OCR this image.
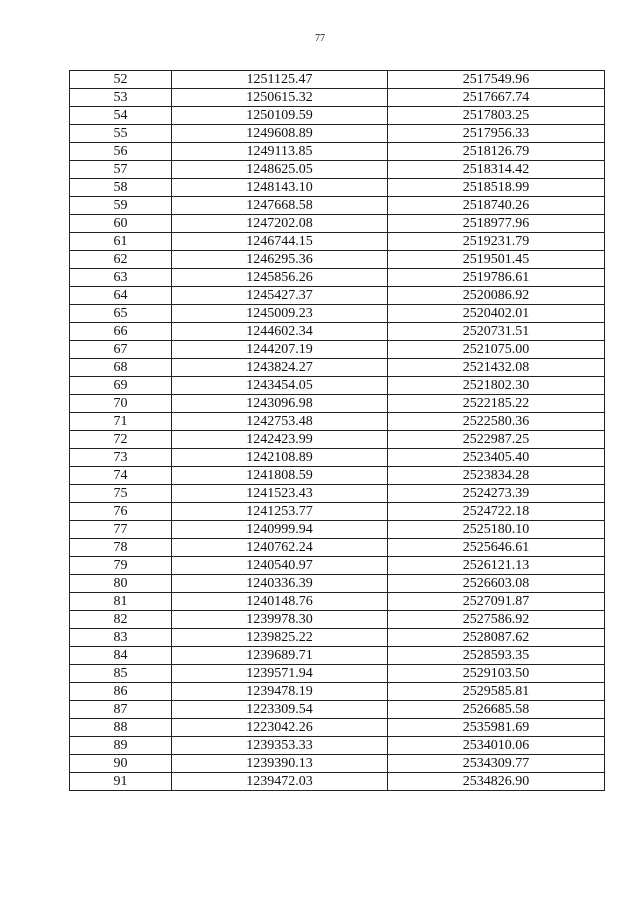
77
52	1251125.47	2517549.96
53	1250615.32	2517667.74
54	1250109.59	2517803.25
55	1249608.89	2517956.33
56	1249113.85	2518126.79
57	1248625.05	2518314.42
58	1248143.10	2518518.99
59	1247668.58	2518740.26
60	1247202.08	2518977.96
61	1246744.15	2519231.79
62	1246295.36	2519501.45
63	1245856.26	2519786.61
64	1245427.37	2520086.92
65	1245009.23	2520402.01
66	1244602.34	2520731.51
67	1244207.19	2521075.00
68	1243824.27	2521432.08
69	1243454.05	2521802.30
70	1243096.98	2522185.22
71	1242753.48	2522580.36
72	1242423.99	2522987.25
73	1242108.89	2523405.40
74	1241808.59	2523834.28
75	1241523.43	2524273.39
76	1241253.77	2524722.18
77	1240999.94	2525180.10
78	1240762.24	2525646.61
79	1240540.97	2526121.13
80	1240336.39	2526603.08
81	1240148.76	2527091.87
82	1239978.30	2527586.92
83	1239825.22	2528087.62
84	1239689.71	2528593.35
85	1239571.94	2529103.50
86	1239478.19	2529585.81
87	1223309.54	2526685.58
88	1223042.26	2535981.69
89	1239353.33	2534010.06
90	1239390.13	2534309.77
91	1239472.03	2534826.90
